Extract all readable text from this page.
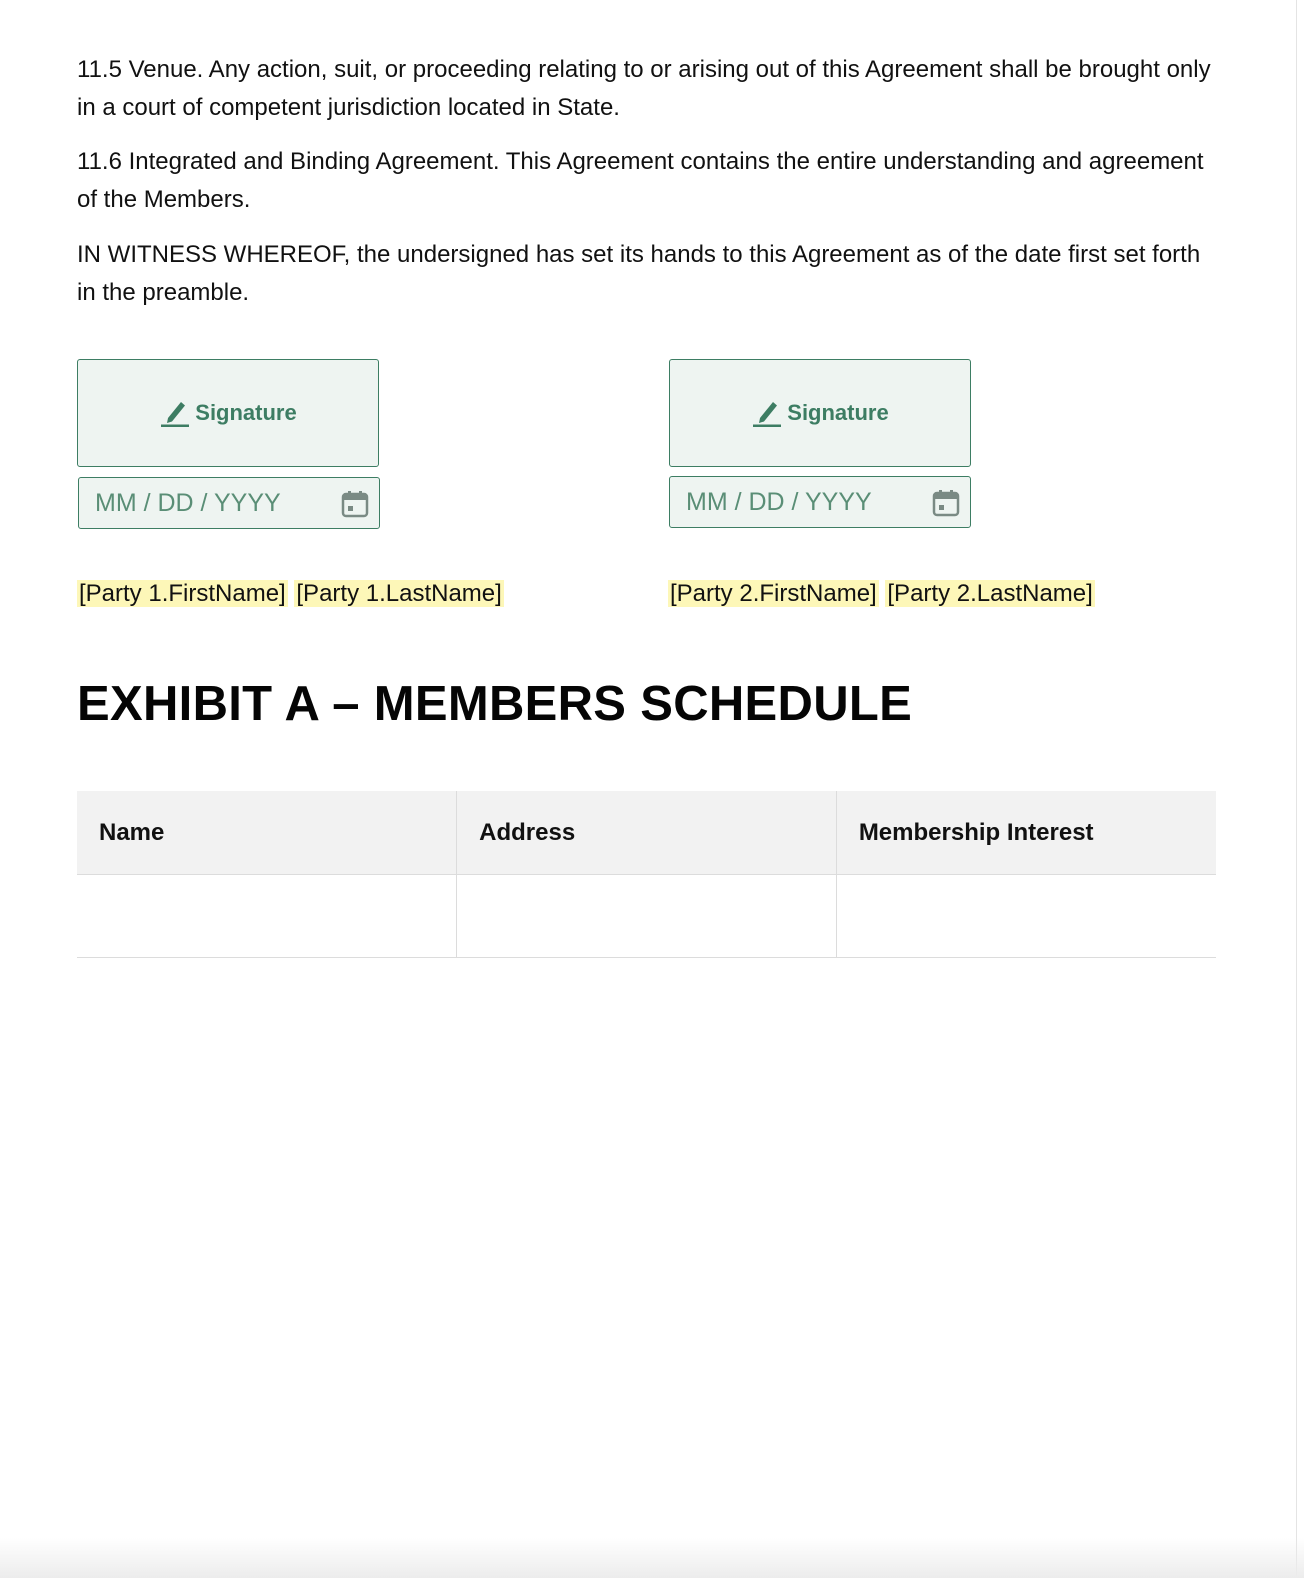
11.5 Venue. Any action, suit, or proceeding relating to or arising out of this Agreement shall be brought only in a court of competent jurisdiction located in State.

11.6 Integrated and Binding Agreement. This Agreement contains the entire understanding and agreement of the Members.

IN WITNESS WHEREOF, the undersigned has set its hands to this Agreement as of the date first set forth in the preamble.

Signature
MM / DD / YYYY
[Party 1.FirstName] [Party 1.LastName]
Signature
MM / DD / YYYY
[Party 2.FirstName] [Party 2.LastName]
EXHIBIT A – MEMBERS SCHEDULE
Name	Address	Membership Interest
